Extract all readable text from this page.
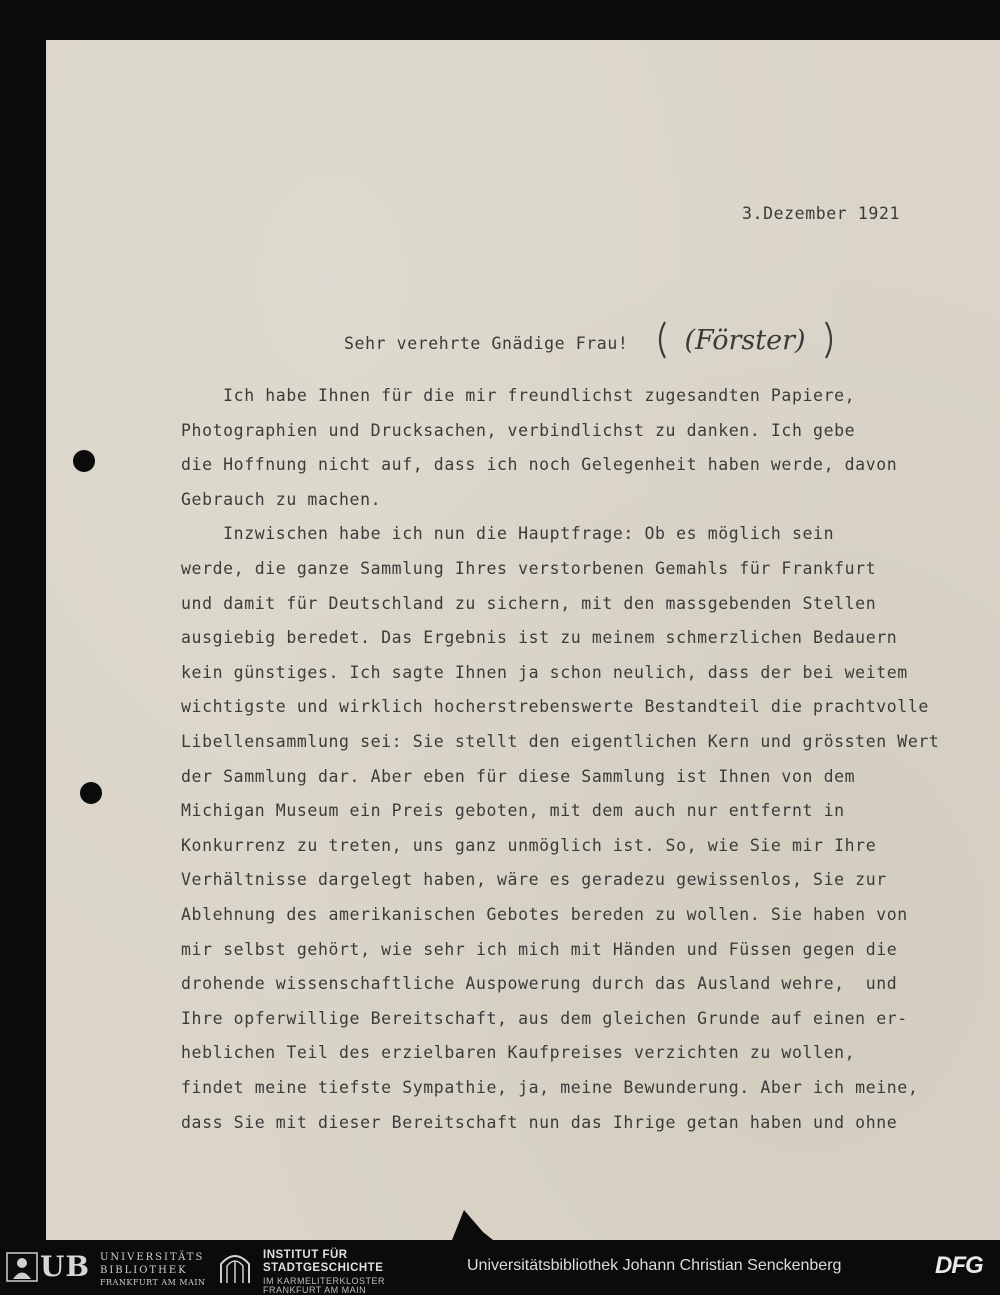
3.Dezember 1921
Sehr verehrte Gnädige Frau! (Förster)
Ich habe Ihnen für die mir freundlichst zugesandten Papiere,
Photographien und Drucksachen, verbindlichst zu danken. Ich gebe
die Hoffnung nicht auf, dass ich noch Gelegenheit haben werde, davon
Gebrauch zu machen.
Inzwischen habe ich nun die Hauptfrage: Ob es möglich sein
werde, die ganze Sammlung Ihres verstorbenen Gemahls für Frankfurt
und damit für Deutschland zu sichern, mit den massgebenden Stellen
ausgiebig beredet. Das Ergebnis ist zu meinem schmerzlichen Bedauern
kein günstiges. Ich sagte Ihnen ja schon neulich, dass der bei weitem
wichtigste und wirklich hocherstrebenswerte Bestandteil die prachtvolle
Libellensammlung sei: Sie stellt den eigentlichen Kern und grössten Wert
der Sammlung dar. Aber eben für diese Sammlung ist Ihnen von dem
Michigan Museum ein Preis geboten, mit dem auch nur entfernt in
Konkurrenz zu treten, uns ganz unmöglich ist. So, wie Sie mir Ihre
Verhältnisse dargelegt haben, wäre es geradezu gewissenlos, Sie zur
Ablehnung des amerikanischen Gebotes bereden zu wollen. Sie haben von
mir selbst gehört, wie sehr ich mich mit Händen und Füssen gegen die
drohende wissenschaftliche Auspowerung durch das Ausland wehre,  und
Ihre opferwillige Bereitschaft, aus dem gleichen Grunde auf einen er-
heblichen Teil des erzielbaren Kaufpreises verzichten zu wollen,
findet meine tiefste Sympathie, ja, meine Bewunderung. Aber ich meine,
dass Sie mit dieser Bereitschaft nun das Ihrige getan haben und ohne
UB UNIVERSITÄTS
BIBLIOTHEK
FRANKFURT AM MAIN
INSTITUT FÜR
STADTGESCHICHTE
IM KARMELITERKLOSTER
FRANKFURT AM MAIN
Universitätsbibliothek Johann Christian Senckenberg	DFG
